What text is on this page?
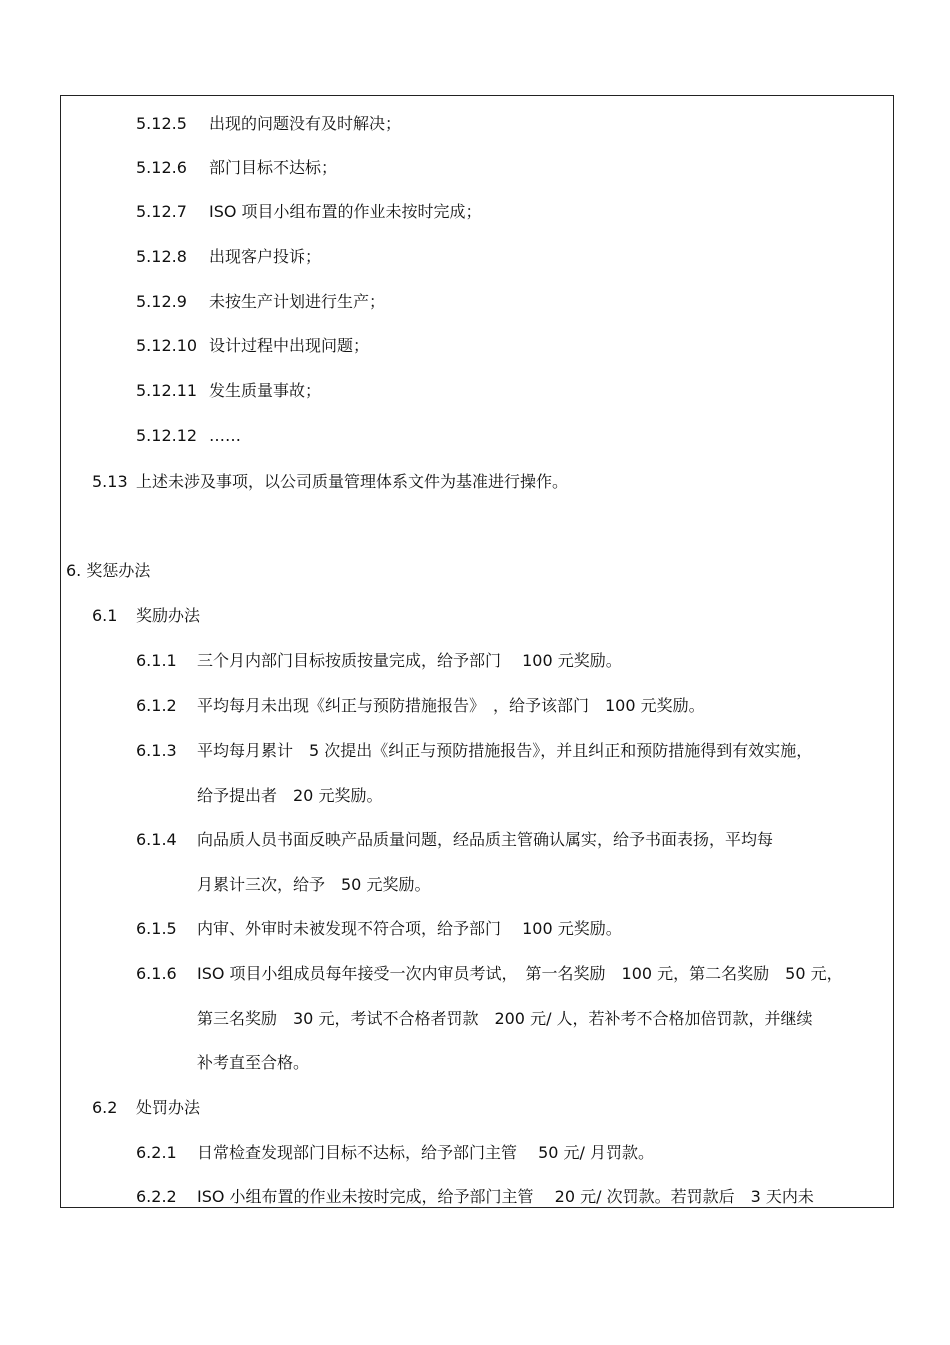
5.12.5 出现的问题没有及时解决；
5.12.6 部门目标不达标；
5.12.7 ISO 项目小组布置的作业未按时完成；
5.12.8 出现客户投诉；
5.12.9 未按生产计划进行生产；
5.12.10 设计过程中出现问题；
5.12.11 发生质量事故；
5.12.12 ……
5.13 上述未涉及事项，以公司质量管理体系文件为基准进行操作。
6. 奖惩办法
6.1 奖励办法
6.1.1 三个月内部门目标按质按量完成，给予部门　 100 元奖励。
6.1.2 平均每月未出现《纠正与预防措施报告》　，给予该部门　100 元奖励。
6.1.3 平均每月累计　5 次提出《纠正与预防措施报告》，并且纠正和预防措施得到有效实施，
给予提出者　20 元奖励。
6.1.4 向品质人员书面反映产品质量问题，经品质主管确认属实，给予书面表扬，平均每
月累计三次，给予　50 元奖励。
6.1.5 内审、外审时未被发现不符合项，给予部门　 100 元奖励。
6.1.6 ISO 项目小组成员每年接受一次内审员考试，　第一名奖励　100 元，第二名奖励　50 元，
第三名奖励　30 元，考试不合格者罚款　200 元/ 人，若补考不合格加倍罚款，并继续
补考直至合格。
6.2 处罚办法
6.2.1 日常检查发现部门目标不达标，给予部门主管　 50 元/ 月罚款。
6.2.2 ISO 小组布置的作业未按时完成，给予部门主管　 20 元/ 次罚款。若罚款后　3 天内未
